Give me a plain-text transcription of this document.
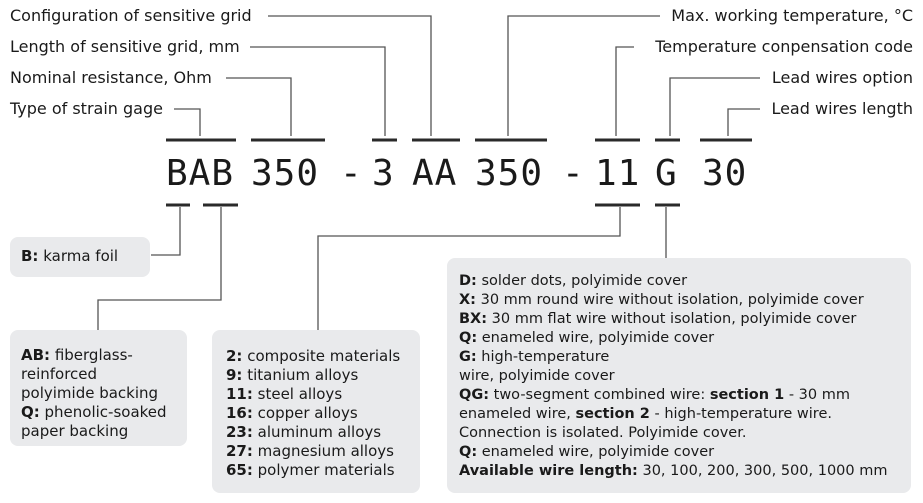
Configuration of sensitive grid
Length of sensitive grid, mm
Nominal resistance, Ohm
Type of strain gage
Max. working temperature, °C
Temperature conpensation code
Lead wires option
Lead wires length
BAB 350 - 3 AA 350 - 11 G 30

B: karma foil

AB: fiberglass-

reinforced

polyimide backing

Q: phenolic-soaked

paper backing

2: composite materials

9: titanium alloys

11: steel alloys

16: copper alloys

23: aluminum alloys

27: magnesium alloys

65: polymer materials

D: solder dots, polyimide cover

X: 30 mm round wire without isolation, polyimide cover

BX: 30 mm flat wire without isolation, polyimide cover

Q: enameled wire, polyimide cover

G: high-temperature

wire, polyimide cover

QG: two-segment combined wire: section 1 - 30 mm

enameled wire, section 2 - high-temperature wire.

Connection is isolated. Polyimide cover.

Q: enameled wire, polyimide cover

Available wire length: 30, 100, 200, 300, 500, 1000 mm
